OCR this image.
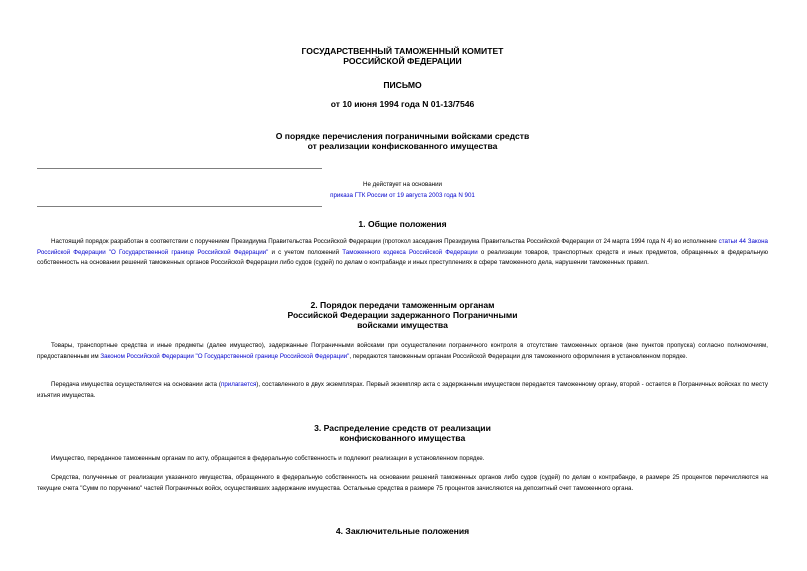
ГОСУДАРСТВЕННЫЙ ТАМОЖЕННЫЙ КОМИТЕТ
РОССИЙСКОЙ ФЕДЕРАЦИИ
ПИСЬМО
от 10 июня 1994 года N 01-13/7546
О порядке перечисления пограничными войсками средств
от реализации конфискованного имущества
Не действует на основании
приказа ГТК России от 19 августа 2003 года N 901
1. Общие положения

Настоящий порядок разработан в соответствии с поручением Президиума Правительства Российской Федерации (протокол заседания Президиума Правительства Российской Федерации от 24 марта 1994 года N 4) во исполнение статьи 44 Закона Российской Федерации "О Государственной границе Российской Федерации" и с учетом положений Таможенного кодекса Российской Федерации о реализации товаров, транспортных средств и иных предметов, обращенных в федеральную собственность на основании решений таможенных органов Российской Федерации либо судов (судей) по делам о контрабанде и иных преступлениях в сфере таможенного дела, нарушении таможенных правил.

2. Порядок передачи таможенным органам
Российской Федерации задержанного Пограничными
войсками имущества

Товары, транспортные средства и иные предметы (далее имущество), задержанные Пограничными войсками при осуществлении пограничного контроля в отсутствие таможенных органов (вне пунктов пропуска) согласно полномочиям, предоставленным им Законом Российской Федерации "О Государственной границе Российской Федерации", передаются таможенным органам Российской Федерации для таможенного оформления в установленном порядке.

Передача имущества осуществляется на основании акта (прилагается), составленного в двух экземплярах. Первый экземпляр акта с задержанным имуществом передается таможенному органу, второй - остается в Пограничных войсках по месту изъятия имущества.

3. Распределение средств от реализации
конфискованного имущества

Имущество, переданное таможенным органам по акту, обращается в федеральную собственность и подлежит реализации в установленном порядке.

Средства, полученные от реализации указанного имущества, обращенного в федеральную собственность на основании решений таможенных органов либо судов (судей) по делам о контрабанде, в размере 25 процентов перечисляются на текущие счета "Сумм по поручению" частей Пограничных войск, осуществивших задержание имущества. Остальные средства в размере 75 процентов зачисляются на депозитный счет таможенного органа.

4. Заключительные положения
